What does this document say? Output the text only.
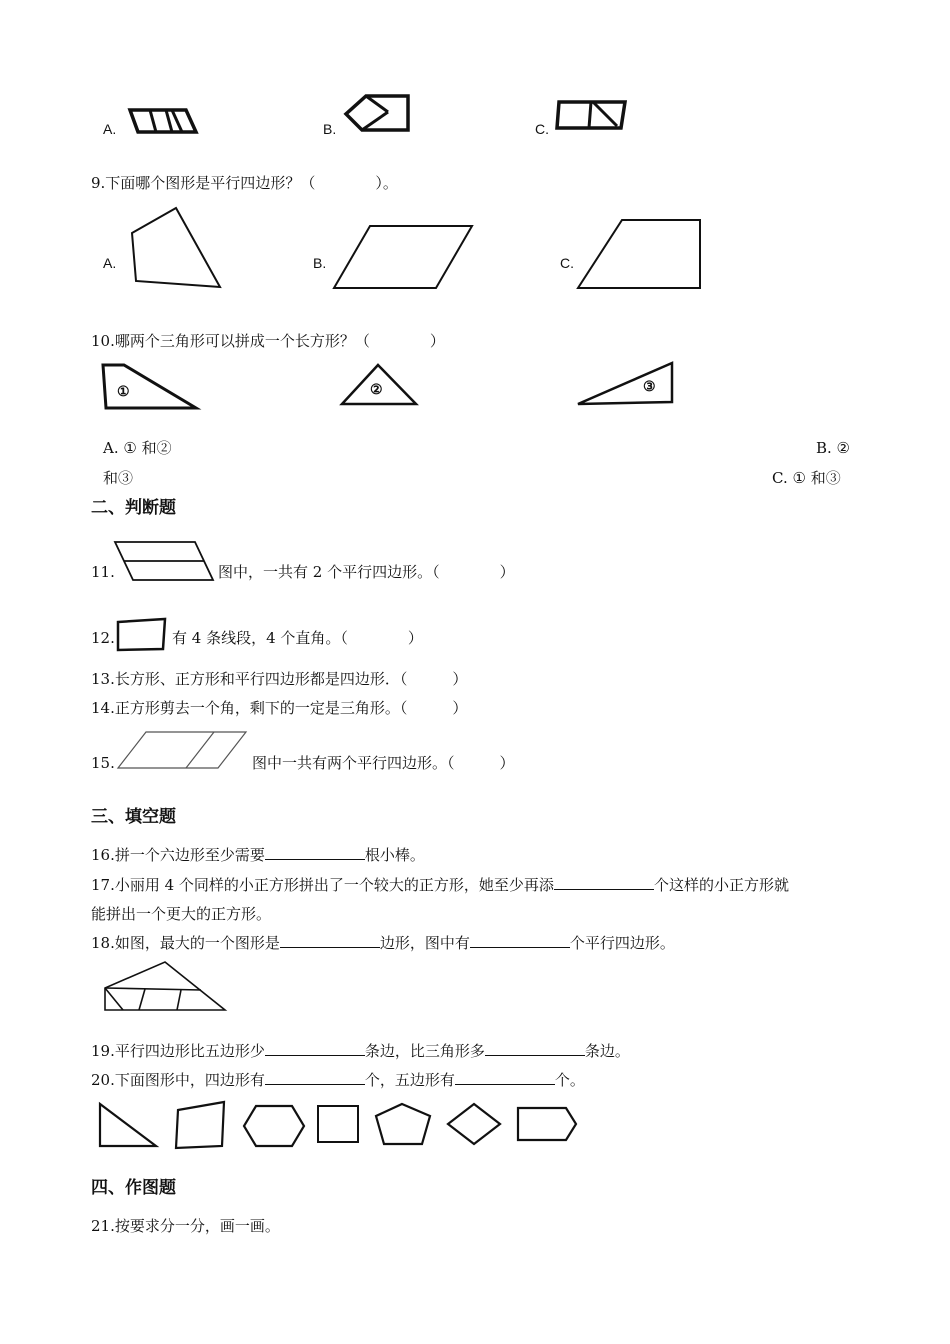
A.	B.	C.
9.下面哪个图形是平行四边形？（　　　　）。
A.	B.	C.
10.哪两个三角形可以拼成一个长方形？（　　　　）
①	②	③
A. ① 和②	B. ②
和③	C. ① 和③
二、判断题
11.	图中，一共有 2 个平行四边形。（　　　　）
12.	有 4 条线段，4 个直角。（　　　　）
13.长方形、正方形和平行四边形都是四边形．（　　　）
14.正方形剪去一个角，剩下的一定是三角形。（　　　）
15.	图中一共有两个平行四边形。（　　　）
三、填空题
16.拼一个六边形至少需要	根小棒。
17.小丽用 4 个同样的小正方形拼出了一个较大的正方形，她至少再添	个这样的小正方形就
能拼出一个更大的正方形。
18.如图，最大的一个图形是	边形，图中有	个平行四边形。
19.平行四边形比五边形少	条边，比三角形多	条边。
20.下面图形中，四边形有	个，五边形有	个。
四、作图题
21.按要求分一分，画一画。
